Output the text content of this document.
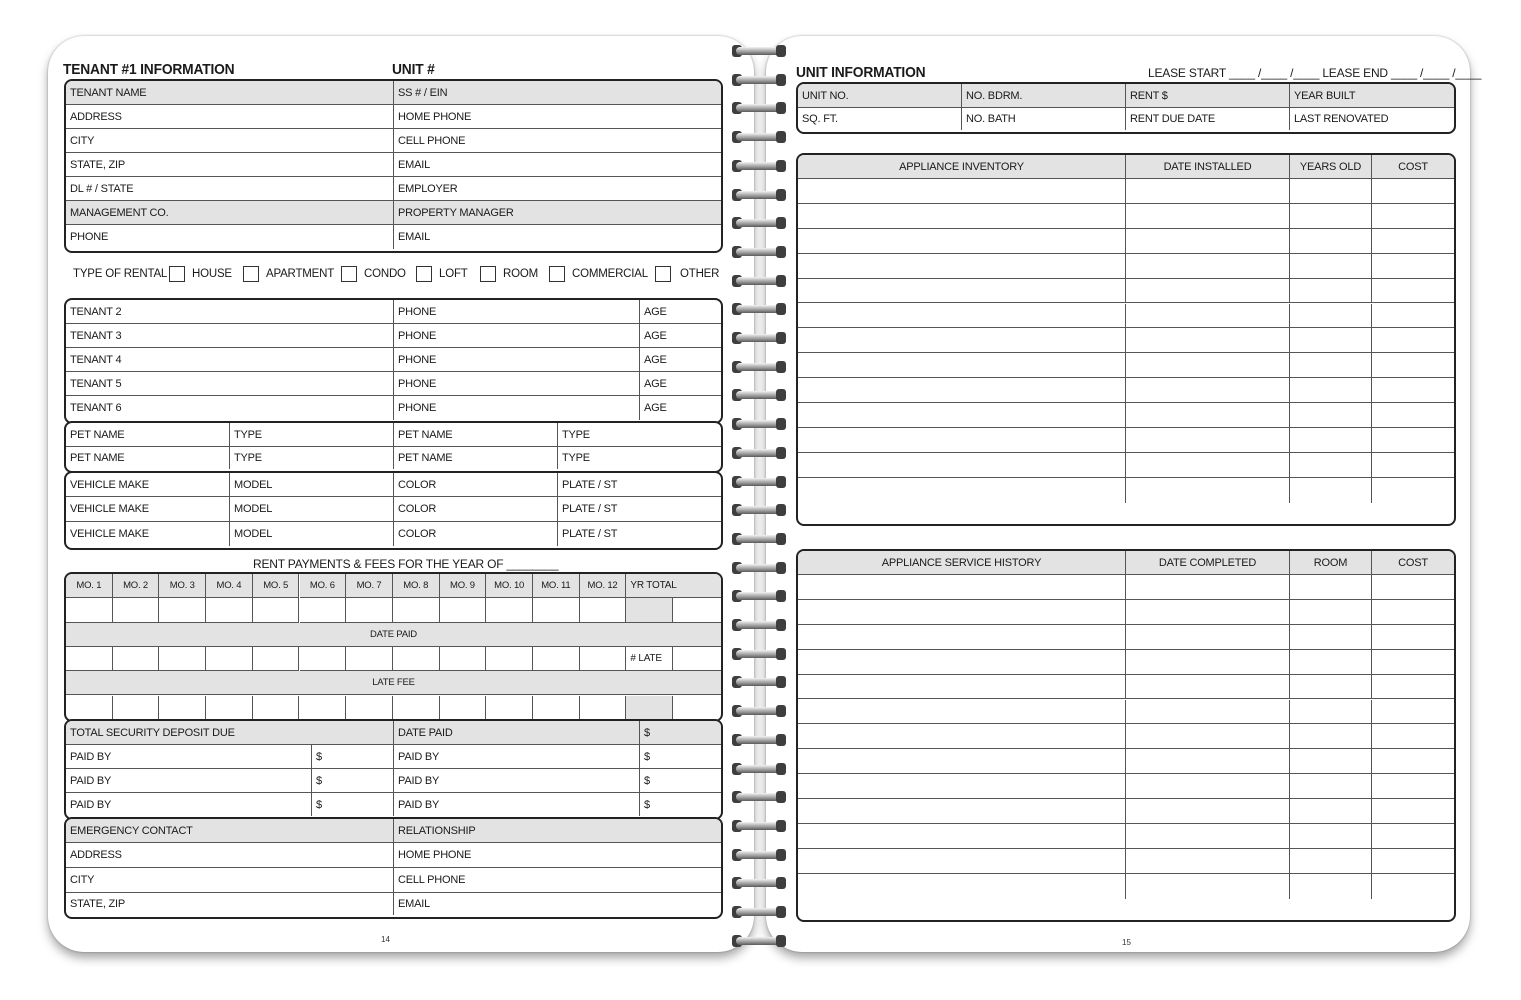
TENANT #1 INFORMATION	UNIT #
TENANT NAME	SS # / EIN
ADDRESS	HOME PHONE
CITY	CELL PHONE
STATE, ZIP	EMAIL
DL # / STATE	EMPLOYER
MANAGEMENT CO.	PROPERTY MANAGER
PHONE	EMAIL
TYPE OF RENTAL HOUSE	APARTMENT	CONDO	LOFT	ROOM	COMMERCIAL	OTHER
TENANT 2	PHONE	AGE
TENANT 3	PHONE	AGE
TENANT 4	PHONE	AGE
TENANT 5	PHONE	AGE
TENANT 6	PHONE	AGE
PET NAME	TYPE	PET NAME	TYPE
PET NAME	TYPE	PET NAME	TYPE
VEHICLE MAKE	MODEL	COLOR	PLATE / ST
VEHICLE MAKE	MODEL	COLOR	PLATE / ST
VEHICLE MAKE	MODEL	COLOR	PLATE / ST
RENT PAYMENTS & FEES FOR THE YEAR OF ________
MO. 1	MO. 2	MO. 3	MO. 4	MO. 5	MO. 6	MO. 7	MO. 8	MO. 9	MO. 10	MO. 11	MO. 12	YR TOTAL
DATE PAID
# LATE
LATE FEE
TOTAL SECURITY DEPOSIT DUE	DATE PAID	$
PAID BY	$	PAID BY	$
PAID BY	$	PAID BY	$
PAID BY	$	PAID BY	$
EMERGENCY CONTACT	RELATIONSHIP
ADDRESS	HOME PHONE
CITY	CELL PHONE
STATE, ZIP	EMAIL
14
UNIT INFORMATION	LEASE START ____ /____ /____ LEASE END ____ /____ /____
UNIT NO.	NO. BDRM.	RENT $	YEAR BUILT
SQ. FT.	NO. BATH	RENT DUE DATE	LAST RENOVATED
APPLIANCE INVENTORY	DATE INSTALLED	YEARS OLD	COST
APPLIANCE SERVICE HISTORY	DATE COMPLETED	ROOM	COST
15
